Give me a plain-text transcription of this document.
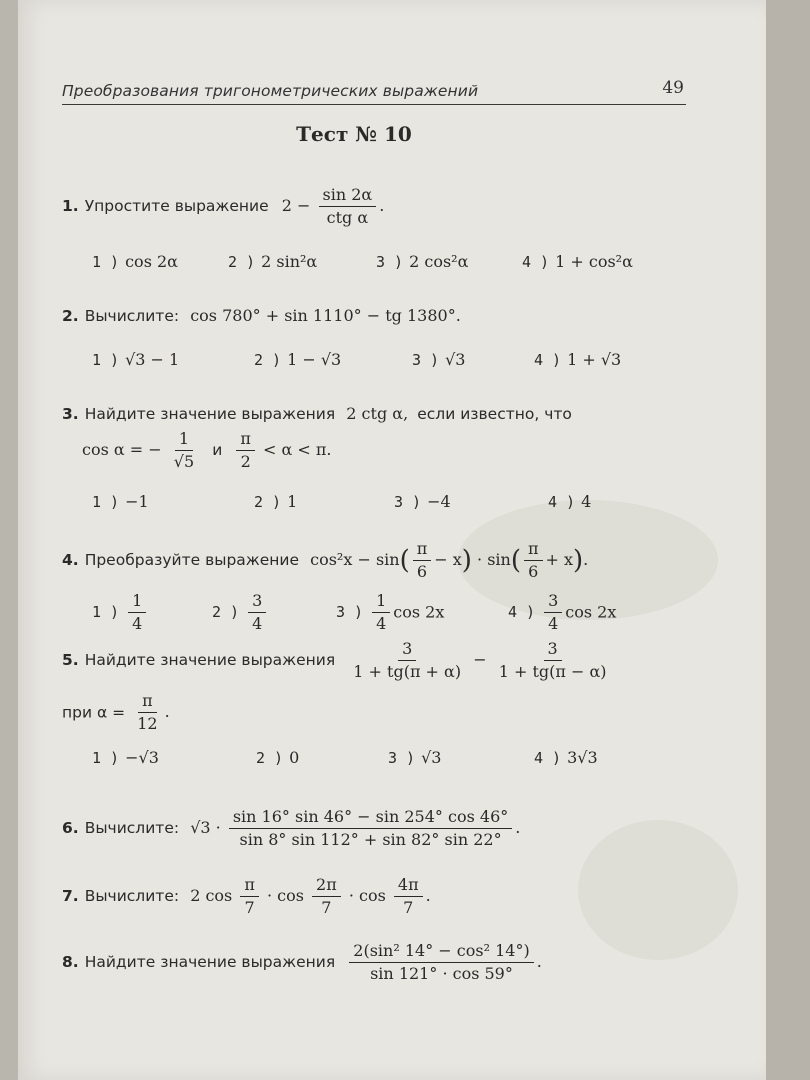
Преобразования тригонометрических выражений	49
Тест № 10
1. Упростите выражение $2 - \frac{\sin 2\alpha}{\text{ctg α}}$ .
1 ) cos 2α	2 ) 2 sin²α	3 ) 2 cos²α	4 ) 1 + cos²α
2. Вычислите: cos 780° + sin 1110° − tg 1380°.
1 ) √3 − 1	2 ) 1 − √3	3 ) √3	4 ) 1 + √3
3. Найдите значение выражения 2 ctg α, если известно, что
cos α = − $\frac{1}{√5}$ и $\frac{\pi}{2} < \alpha < \pi$.
1 ) −1	2 ) 1	3 ) −4	4 ) 4
4. Преобразуйте выражение $\cos^2x - \sin( \frac{\pi}{6} - x) \cdot \sin( \frac{\pi}{6} + x)$.
1 ) $\frac{1}{4}$	2 ) $\frac{3}{4}$	3 ) $\frac{1}{4}$ cos 2x	4 ) $\frac{3}{4}$ cos 2x
5. Найдите значение выражения $\frac{3}{1 + tg(\pi + \alpha)} - \frac{3}{1 + tg(\pi - \alpha)}$
при $\alpha = \frac{\pi}{12}$ .
1 ) −√3	2 ) 0	3 ) √3	4 ) 3√3
6. Вычислите: $√3 \cdot \frac{\sin 16^\circ \sin 46^\circ - \sin 254^\circ \cos 46^\circ}{\sin 8^\circ \sin 112^\circ + \sin 82^\circ \sin 22^\circ}$ .
7. Вычислите: 2 $\cos \frac{\pi}{7} \cdot \cos \frac{2\pi}{7} \cdot \cos \frac{4\pi}{7}$ .
8. Найдите значение выражения $\frac{\text{2(sin² 14° − cos² 14°)}}{\sin 121^\circ \cdot \cos 59^\circ}$ .
